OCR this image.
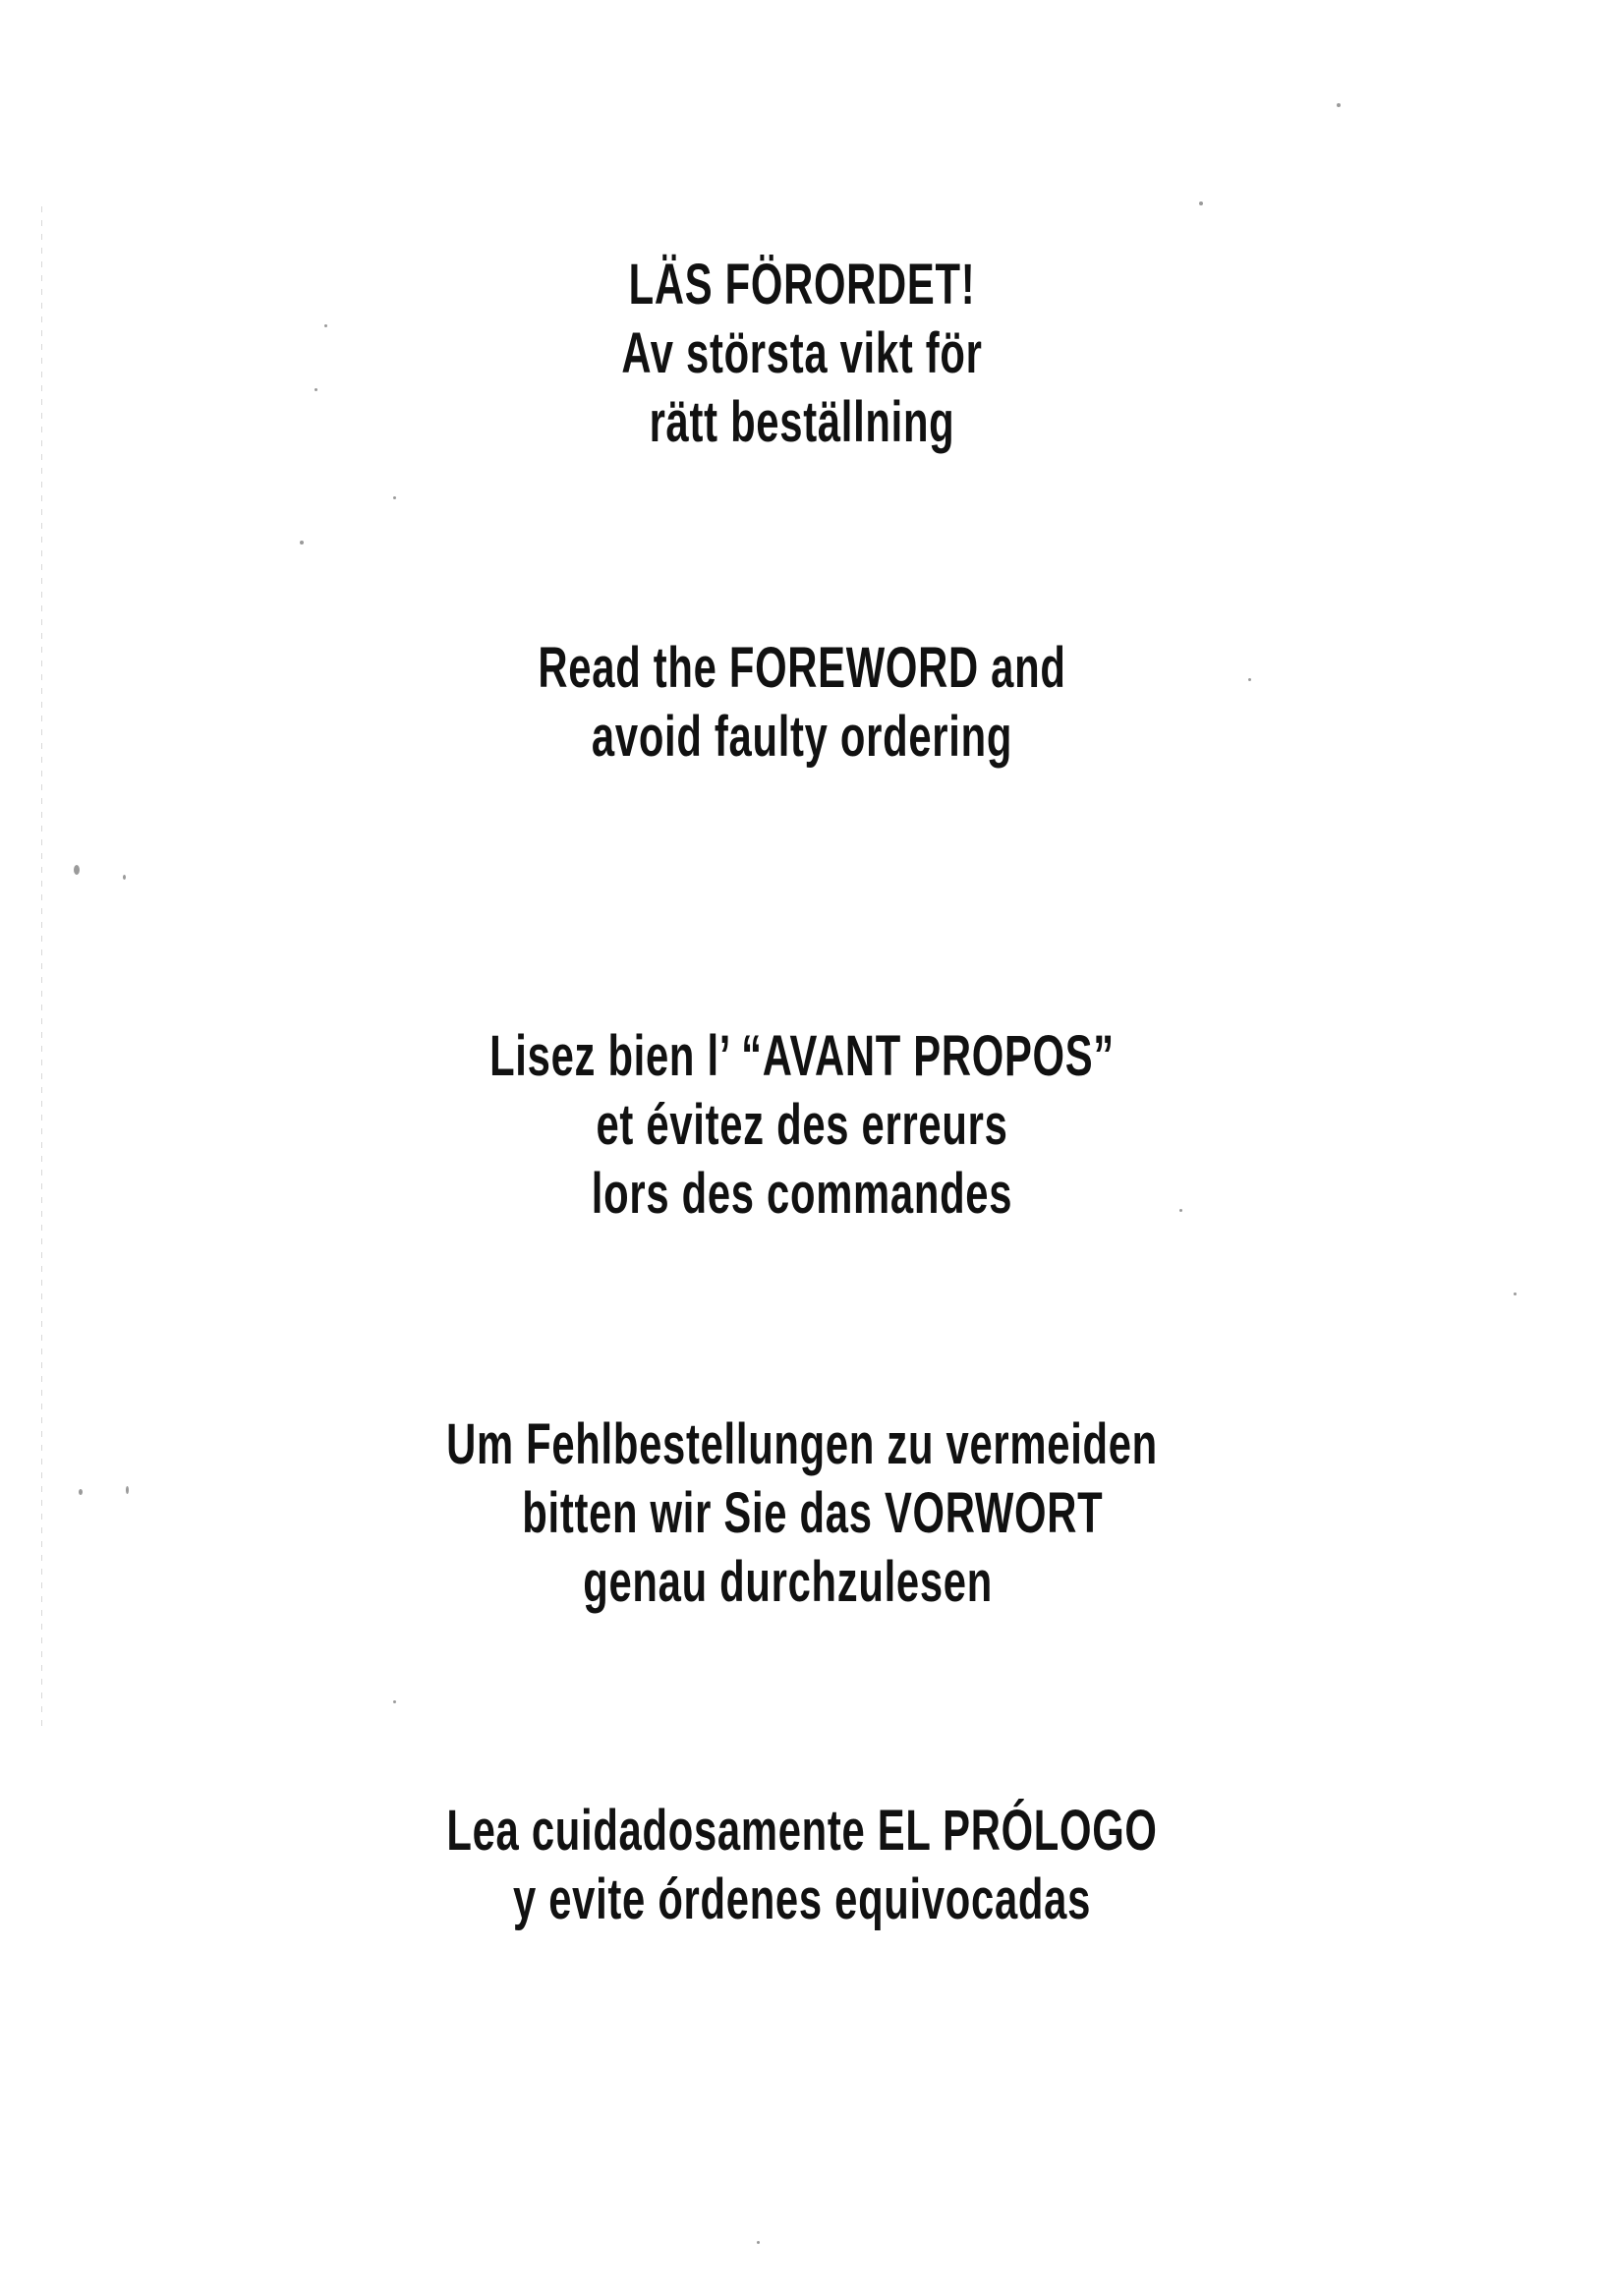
LÄS FÖRORDET!
Av största vikt för
rätt beställning
Read the FOREWORD and
avoid faulty ordering
Lisez bien l’ “AVANT PROPOS”
et évitez des erreurs
lors des commandes
Um Fehlbestellungen zu vermeiden
bitten wir Sie das VORWORT
genau durchzulesen
Lea cuidadosamente EL PRÓLOGO
y evite órdenes equivocadas
